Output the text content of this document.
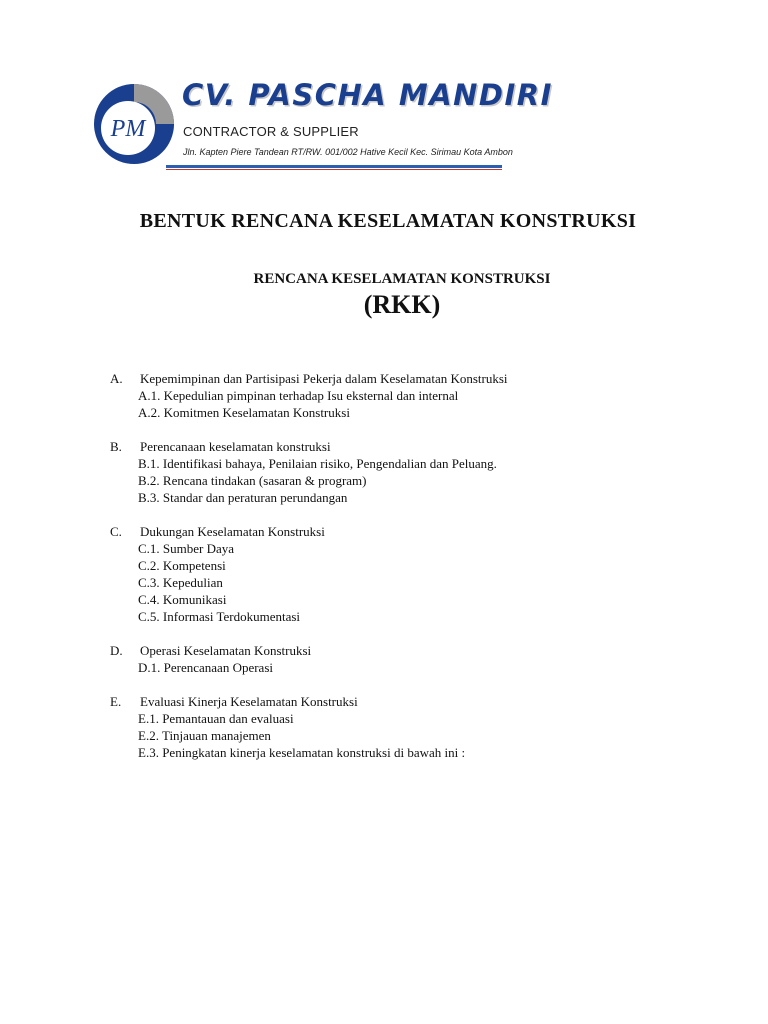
PM
CV. PASCHA MANDIRI
CONTRACTOR & SUPPLIER
Jln. Kapten Piere Tandean RT/RW. 001/002 Hative Kecil Kec. Sirimau Kota Ambon
BENTUK RENCANA KESELAMATAN KONSTRUKSI
RENCANA KESELAMATAN KONSTRUKSI
(RKK)
A.	Kepemimpinan dan Partisipasi Pekerja dalam Keselamatan Konstruksi
A.1. Kepedulian pimpinan terhadap Isu eksternal dan internal
A.2. Komitmen Keselamatan Konstruksi
B.	Perencanaan keselamatan konstruksi
B.1. Identifikasi bahaya, Penilaian risiko, Pengendalian dan Peluang.
B.2. Rencana tindakan (sasaran & program)
B.3. Standar dan peraturan perundangan
C.	Dukungan Keselamatan Konstruksi
C.1. Sumber Daya
C.2. Kompetensi
C.3. Kepedulian
C.4. Komunikasi
C.5. Informasi Terdokumentasi
D.	Operasi Keselamatan Konstruksi
D.1. Perencanaan Operasi
E.	Evaluasi Kinerja Keselamatan Konstruksi
E.1. Pemantauan dan evaluasi
E.2. Tinjauan manajemen
E.3. Peningkatan kinerja keselamatan konstruksi di bawah ini :
